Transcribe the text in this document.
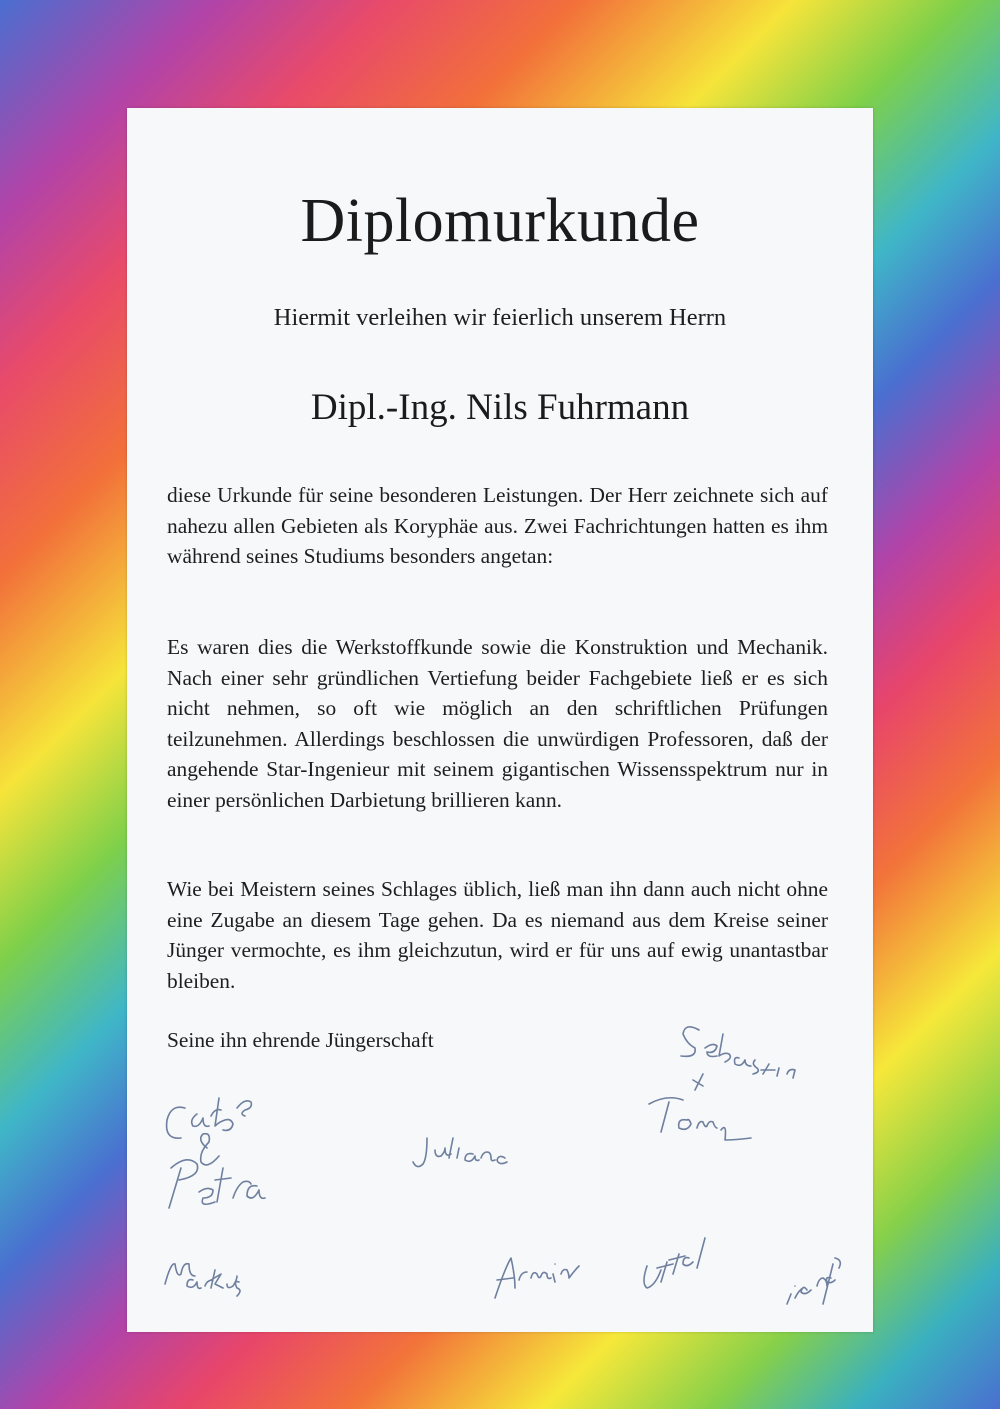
Diplomurkunde

Hiermit verleihen wir feierlich unserem Herrn

Dipl.-Ing. Nils Fuhrmann

diese Urkunde für seine besonderen Leistungen. Der Herr zeichnete sich auf nahezu allen Gebieten als Koryphäe aus. Zwei Fachrichtungen hatten es ihm während seines Studiums besonders angetan:

Es waren dies die Werkstoffkunde sowie die Konstruktion und Mechanik. Nach einer sehr gründlichen Vertiefung beider Fachgebiete ließ er es sich nicht nehmen, so oft wie möglich an den schriftlichen Prüfungen teilzunehmen. Allerdings beschlossen die unwürdigen Professoren, daß der angehende Star-Ingenieur mit seinem gigantischen Wissensspektrum nur in einer persönlichen Darbietung brillieren kann.

Wie bei Meistern seines Schlages üblich, ließ man ihn dann auch nicht ohne eine Zugabe an diesem Tage gehen. Da es niemand aus dem Kreise seiner Jünger vermochte, es ihm gleichzutun, wird er für uns auf ewig unantastbar bleiben.

Seine ihn ehrende Jüngerschaft
